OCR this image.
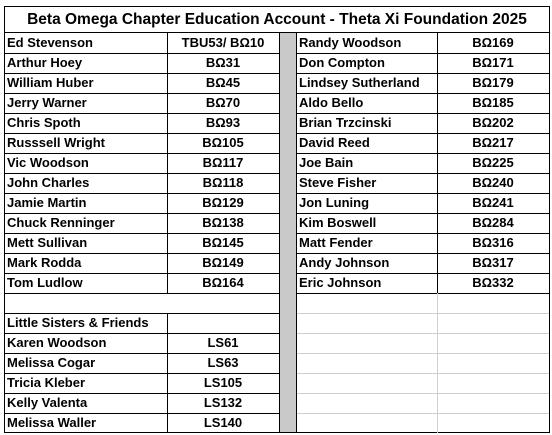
Beta Omega Chapter Education Account - Theta Xi Foundation 2025
Ed Stevenson	TBU53/ BΩ10
Arthur Hoey	BΩ31
William Huber	BΩ45
Jerry Warner	BΩ70
Chris Spoth	BΩ93
Russsell Wright	BΩ105
Vic Woodson	BΩ117
John Charles	BΩ118
Jamie Martin	BΩ129
Chuck Renninger	BΩ138
Mett Sullivan	BΩ145
Mark Rodda	BΩ149
Tom Ludlow	BΩ164
Little Sisters & Friends
Karen Woodson	LS61
Melissa Cogar	LS63
Tricia Kleber	LS105
Kelly Valenta	LS132
Melissa Waller	LS140
Randy Woodson	BΩ169
Don Compton	BΩ171
Lindsey Sutherland	BΩ179
Aldo Bello	BΩ185
Brian Trzcinski	BΩ202
David Reed	BΩ217
Joe Bain	BΩ225
Steve Fisher	BΩ240
Jon Luning	BΩ241
Kim Boswell	BΩ284
Matt Fender	BΩ316
Andy Johnson	BΩ317
Eric Johnson	BΩ332
